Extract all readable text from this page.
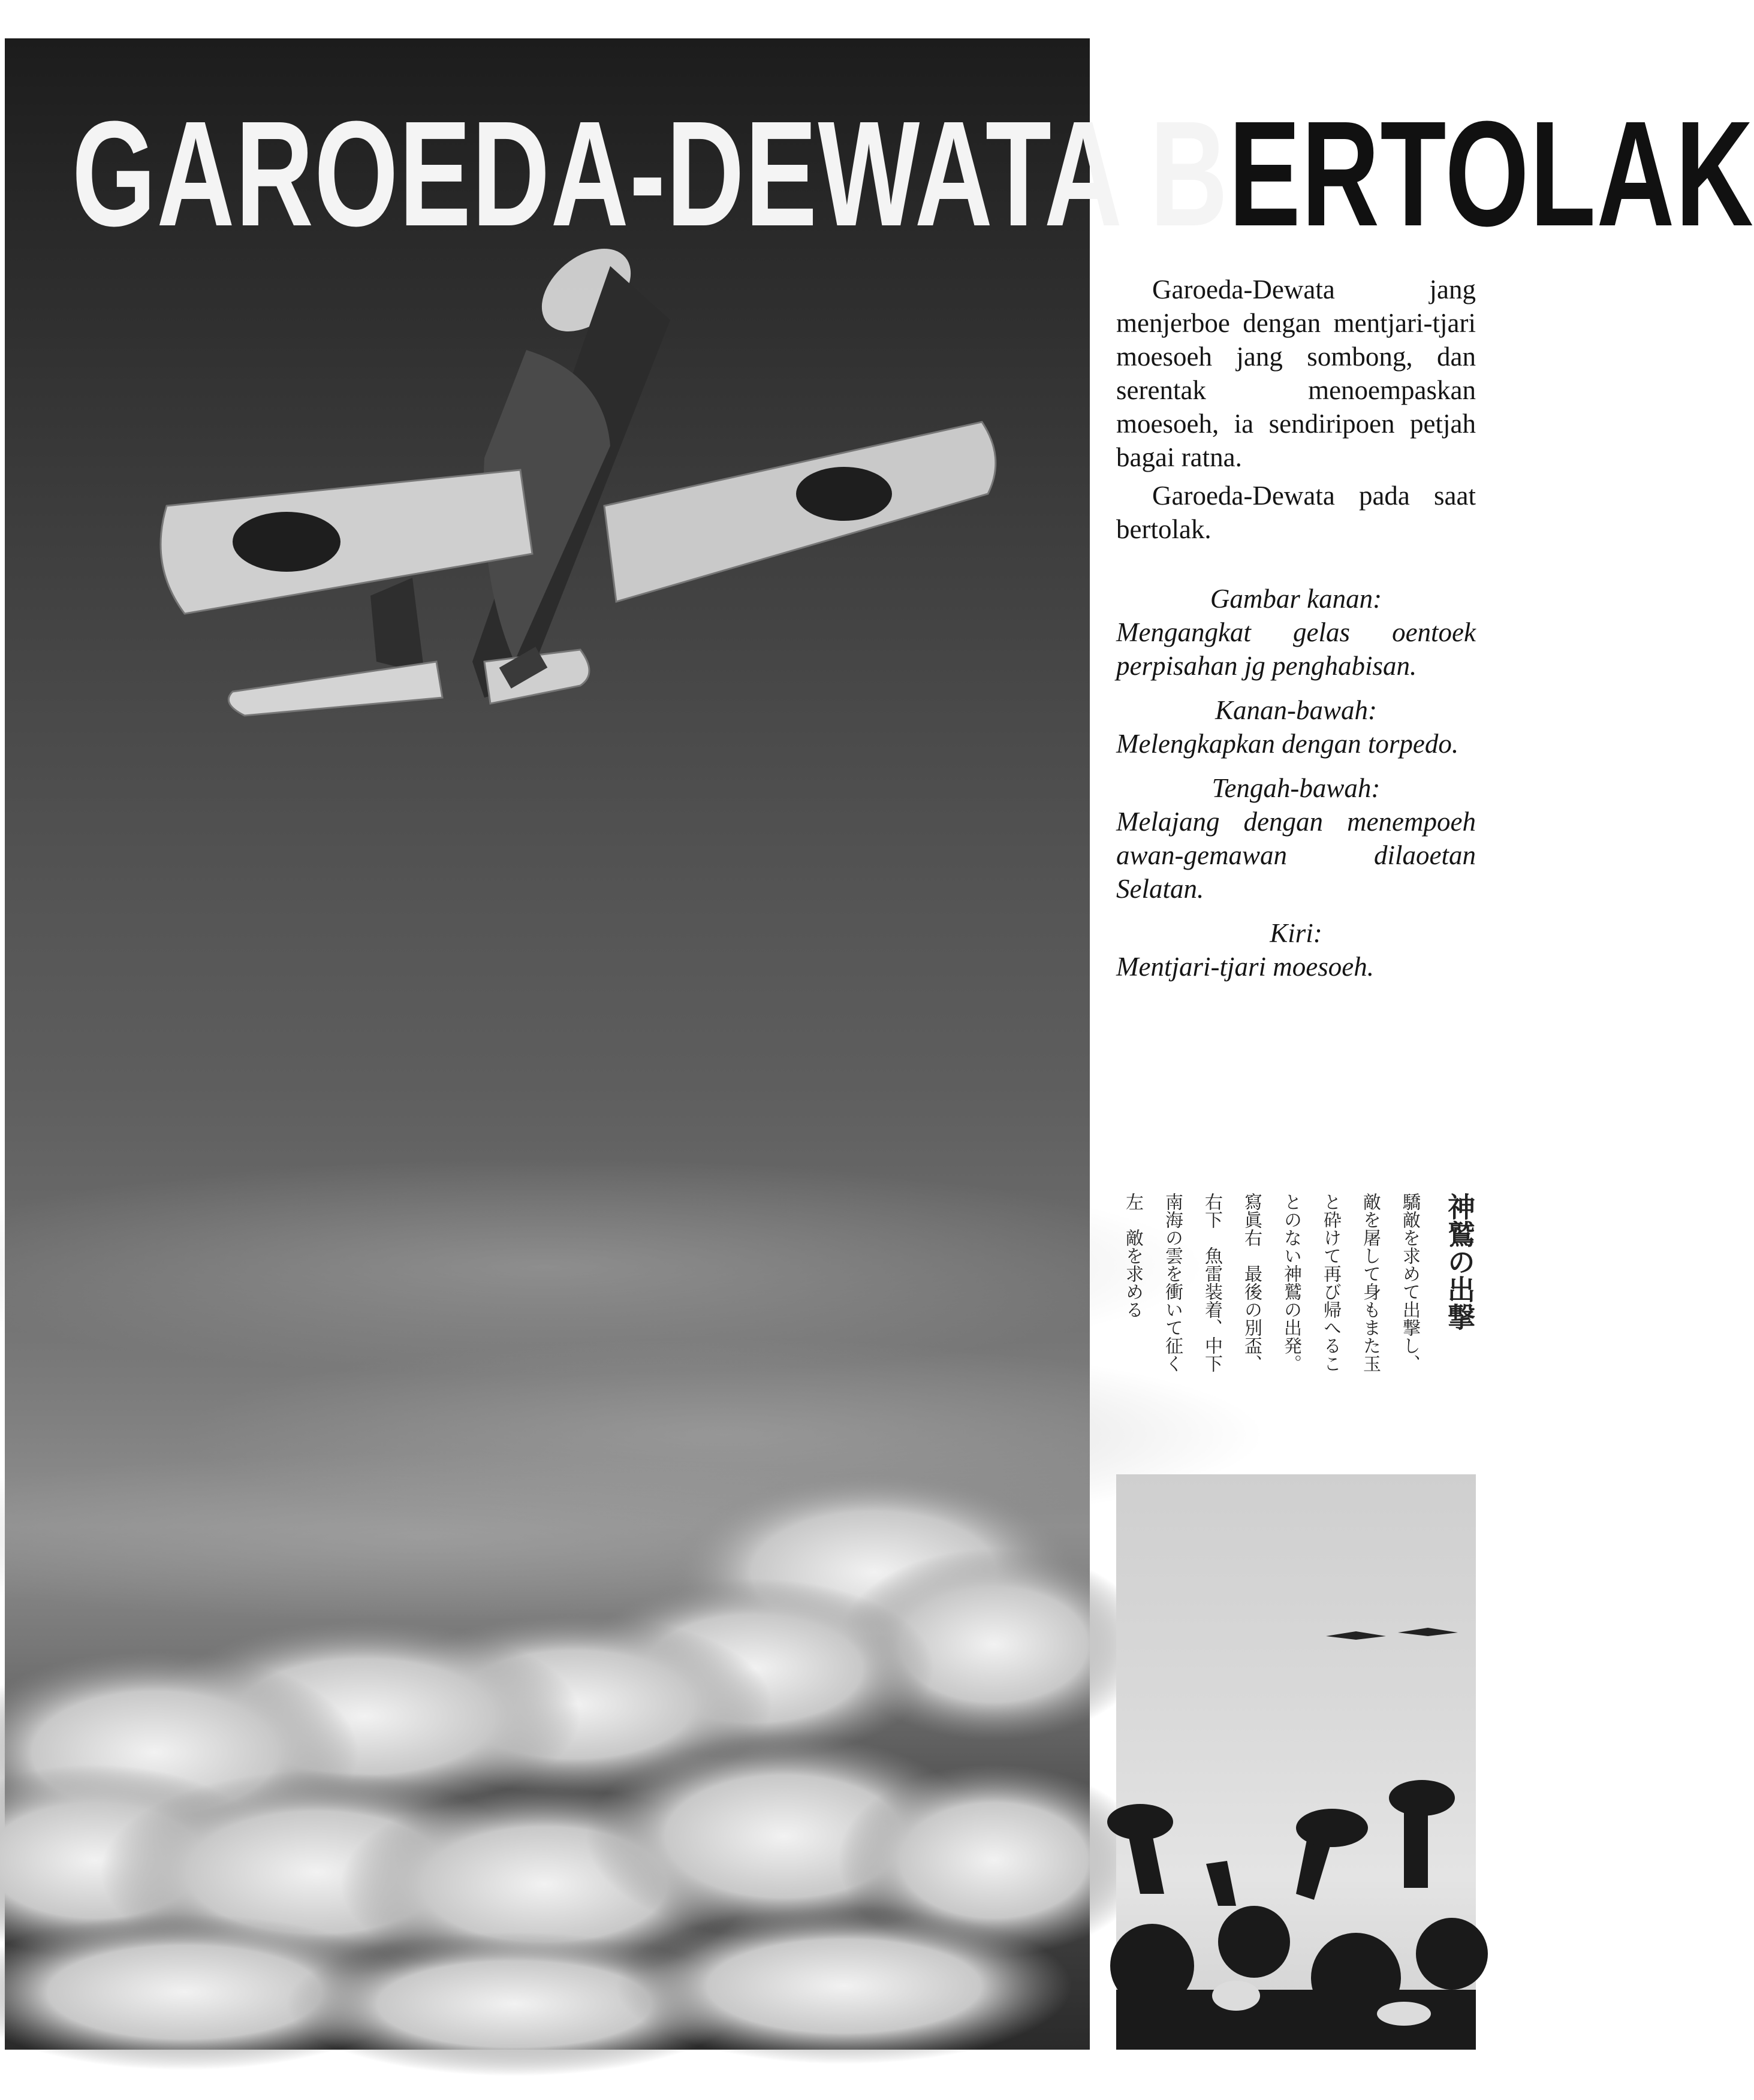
GAROEDA-DEWATA BERTOLAK

Garoeda-Dewata jang menjerboe dengan mentjari-tjari moesoeh jang sombong, dan serentak menoempaskan moesoeh, ia sendiripoen petjah bagai ratna.

Garoeda-Dewata pada saat bertolak.

Gambar kanan:

Mengangkat gelas oentoek perpisahan jg penghabisan.

Kanan-bawah:

Melengkapkan dengan torpedo.

Tengah-bawah:

Melajang dengan menempoeh awan-gemawan dilaoetan Selatan.

Kiri:

Mentjari-tjari moesoeh.

神鷲の出撃
驕敵を求めて出撃し、
敵を屠して身もまた玉
と砕けて再び帰へるこ
とのない神鷲の出発。
寫眞右　最後の別盃、
右下　魚雷装着、中下
南海の雲を衝いて征く
左　敵を求める
